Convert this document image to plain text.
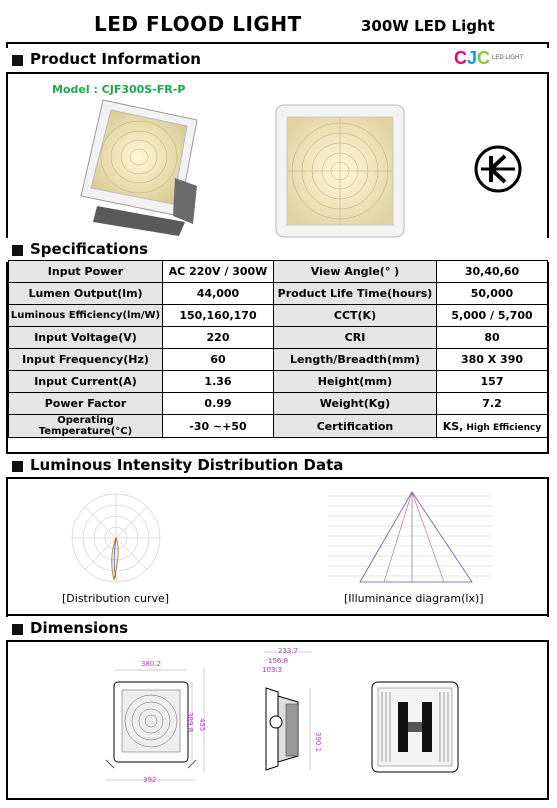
LED FLOOD LIGHT	300W LED Light
Product Information	C J C LED LIGHT
Model : CJF300S-FR-P
Specifications
Input Power	AC 220V / 300W	View Angle(° )	30,40,60
Lumen Output(lm)	44,000	Product Life Time(hours)	50,000
Luminous Efficiency(lm/W)	150,160,170	CCT(K)	5,000 / 5,700
Input Voltage(V)	220	CRI	80
Input Frequency(Hz)	60	Length/Breadth(mm)	380 X 390
Input Current(A)	1.36	Height(mm)	157
Power Factor	0.99	Weight(Kg)	7.2
Operating Temperature(°C)	-30 ~+50	Certification	KS, High Efficiency
Luminous Intensity Distribution Data
[Distribution curve]	[Illuminance diagram(lx)]
Dimensions
380.2
392
389.8 455
233.7
156.8
103.3
390.1
